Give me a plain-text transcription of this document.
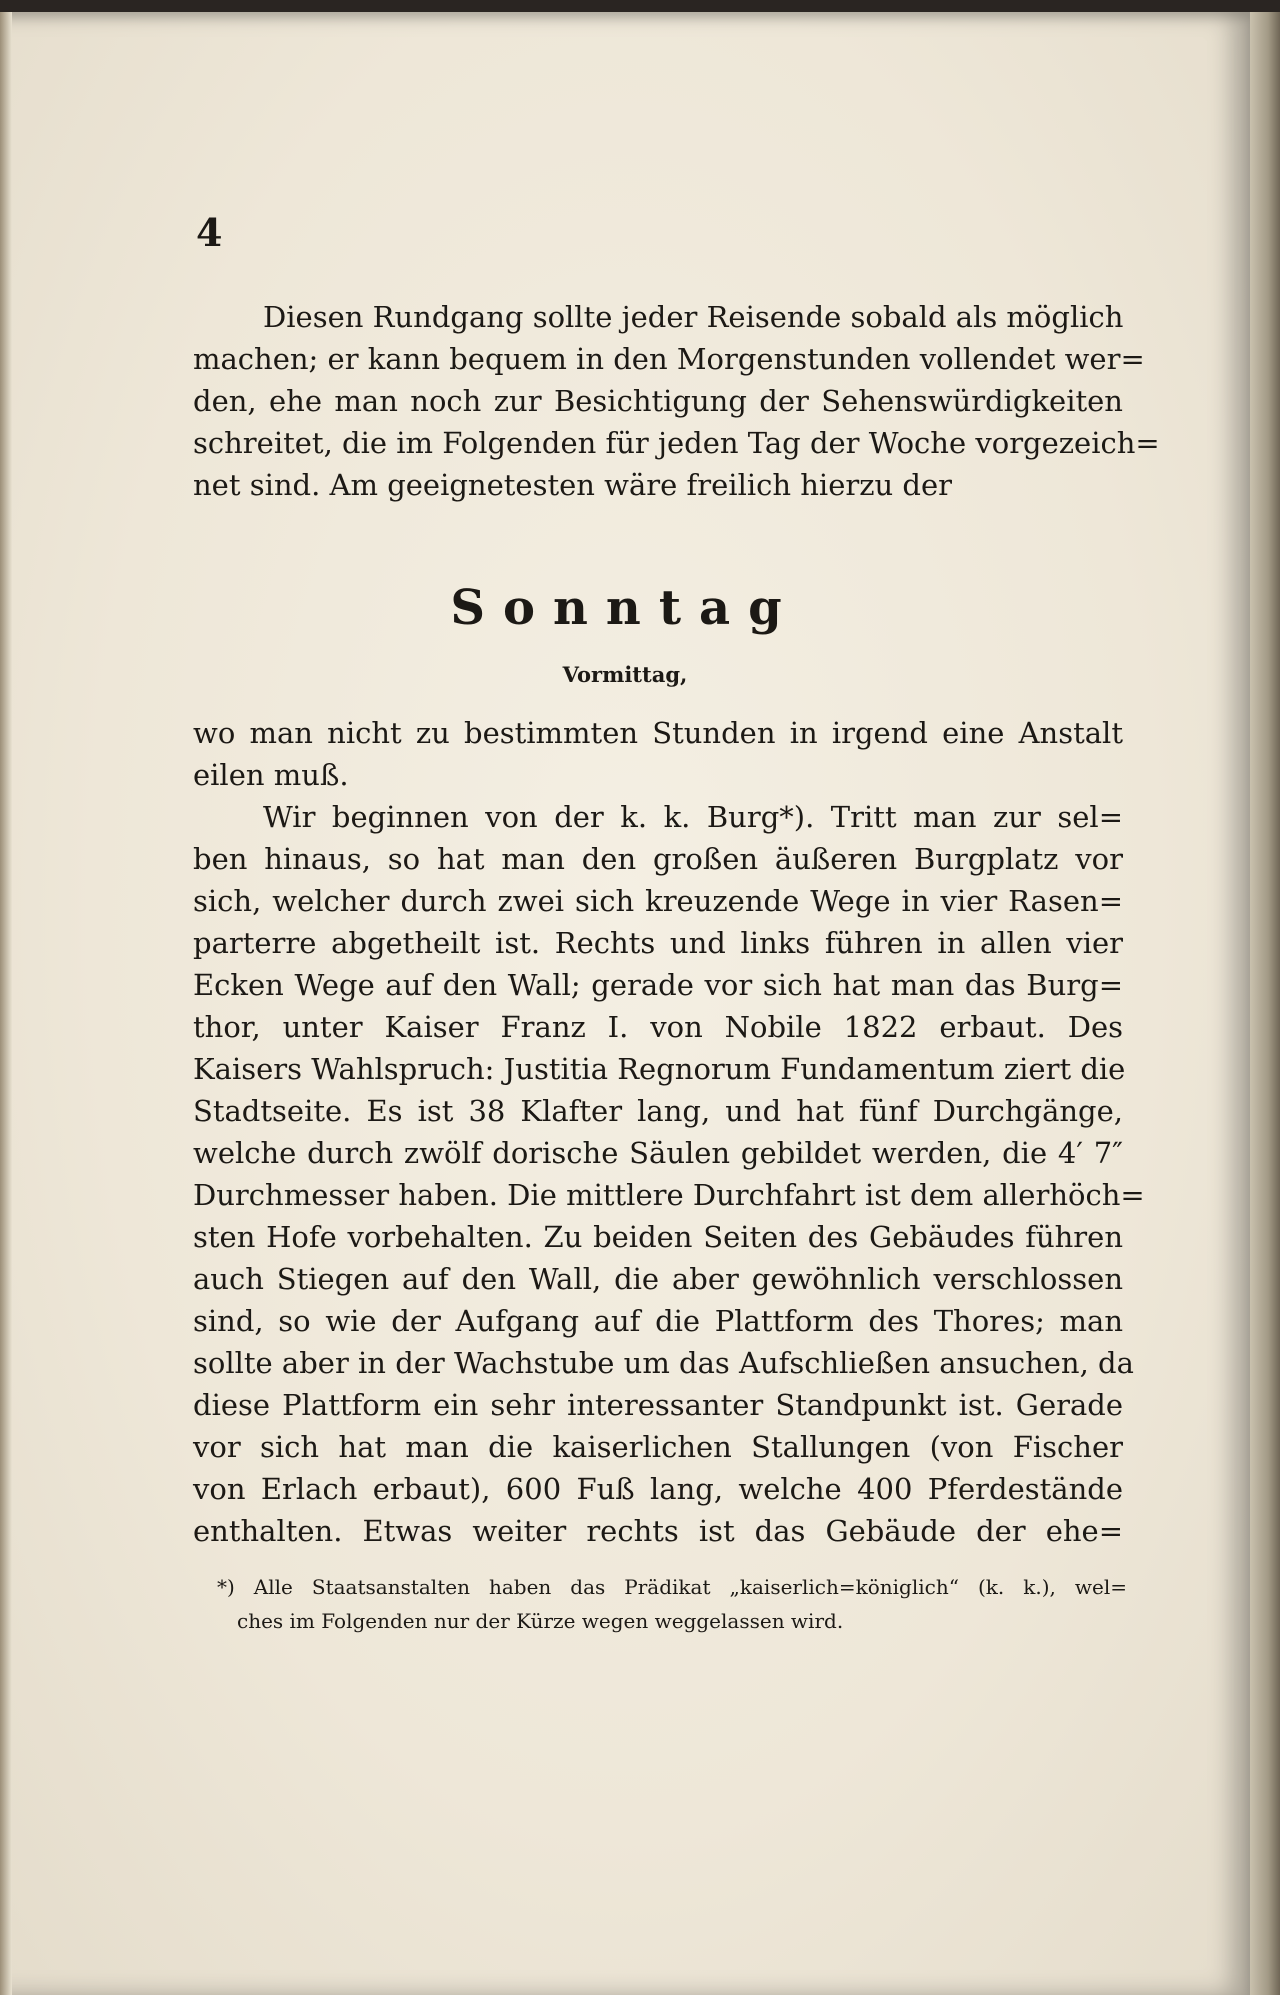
4
Diesen Rundgang sollte jeder Reisende sobald als möglich
machen; er kann bequem in den Morgenstunden vollendet wer=
den, ehe man noch zur Besichtigung der Sehenswürdigkeiten
schreitet, die im Folgenden für jeden Tag der Woche vorgezeich=
net sind. Am geeignetesten wäre freilich hierzu der
Sonntag
Vormittag,
wo man nicht zu bestimmten Stunden in irgend eine Anstalt
eilen muß.
Wir beginnen von der k. k. Burg*). Tritt man zur sel=
ben hinaus, so hat man den großen äußeren Burgplatz vor
sich, welcher durch zwei sich kreuzende Wege in vier Rasen=
parterre abgetheilt ist. Rechts und links führen in allen vier
Ecken Wege auf den Wall; gerade vor sich hat man das Burg=
thor, unter Kaiser Franz I. von Nobile 1822 erbaut. Des
Kaisers Wahlspruch: Justitia Regnorum Fundamentum ziert die
Stadtseite. Es ist 38 Klafter lang, und hat fünf Durchgänge,
welche durch zwölf dorische Säulen gebildet werden, die 4′ 7″
Durchmesser haben. Die mittlere Durchfahrt ist dem allerhöch=
sten Hofe vorbehalten. Zu beiden Seiten des Gebäudes führen
auch Stiegen auf den Wall, die aber gewöhnlich verschlossen
sind, so wie der Aufgang auf die Plattform des Thores; man
sollte aber in der Wachstube um das Aufschließen ansuchen, da
diese Plattform ein sehr interessanter Standpunkt ist. Gerade
vor sich hat man die kaiserlichen Stallungen (von Fischer
von Erlach erbaut), 600 Fuß lang, welche 400 Pferdeständе
enthalten. Etwas weiter rechts ist das Gebäude der ehe=
*) Alle Staatsanstalten haben das Prädikat „kaiserlich=königlich“ (k. k.), wel=
ches im Folgenden nur der Kürze wegen weggelassen wird.
